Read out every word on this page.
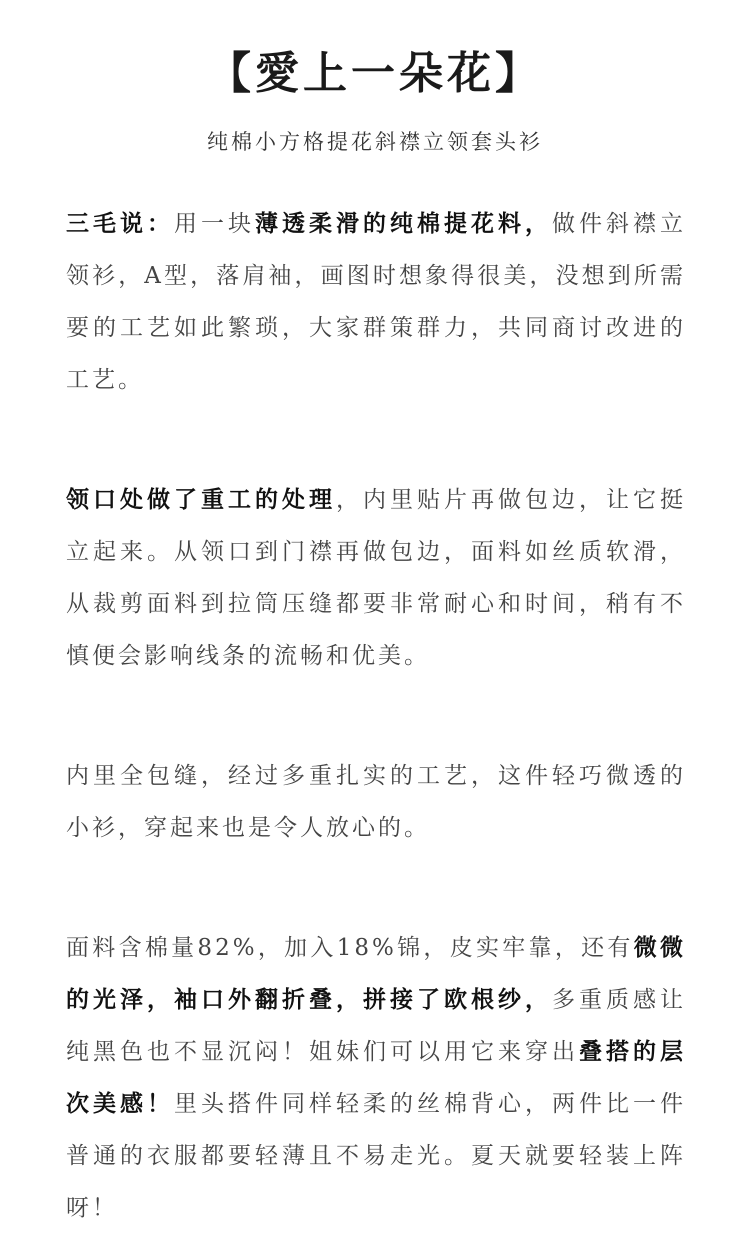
【愛上一朵花】
纯棉小方格提花斜襟立领套头衫

三毛说：用一块薄透柔滑的纯棉提花料，做件斜襟立领衫，A型，落肩袖，画图时想象得很美，没想到所需要的工艺如此繁琐，大家群策群力，共同商讨改进的工艺。

领口处做了重工的处理，内里贴片再做包边，让它挺立起来。从领口到门襟再做包边，面料如丝质软滑，从裁剪面料到拉筒压缝都要非常耐心和时间，稍有不慎便会影响线条的流畅和优美。

内里全包缝，经过多重扎实的工艺，这件轻巧微透的小衫，穿起来也是令人放心的。

面料含棉量82%，加入18%锦，皮实牢靠，还有微微的光泽，袖口外翻折叠，拼接了欧根纱，多重质感让纯黑色也不显沉闷！姐妹们可以用它来穿出叠搭的层次美感！里头搭件同样轻柔的丝棉背心，两件比一件普通的衣服都要轻薄且不易走光。夏天就要轻装上阵呀！
